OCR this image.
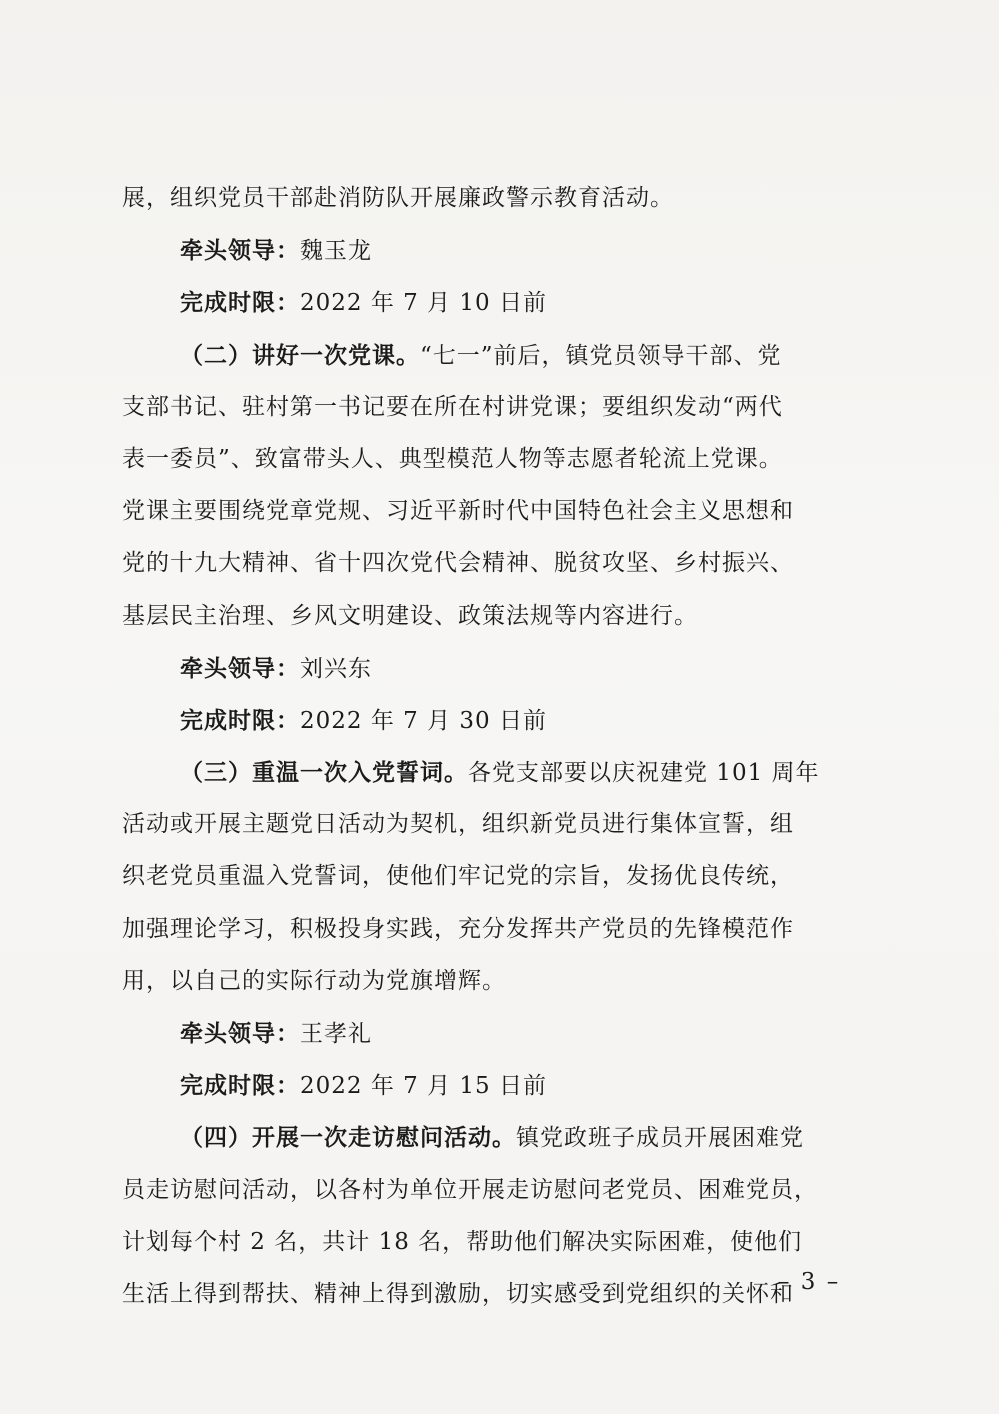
展，组织党员干部赴消防队开展廉政警示教育活动。
牵头领导：魏玉龙
完成时限：2022 年 7 月 10 日前
（二）讲好一次党课。“七一”前后，镇党员领导干部、党
支部书记、驻村第一书记要在所在村讲党课；要组织发动“两代
表一委员”、致富带头人、典型模范人物等志愿者轮流上党课。
党课主要围绕党章党规、习近平新时代中国特色社会主义思想和
党的十九大精神、省十四次党代会精神、脱贫攻坚、乡村振兴、
基层民主治理、乡风文明建设、政策法规等内容进行。
牵头领导：刘兴东
完成时限：2022 年 7 月 30 日前
（三）重温一次入党誓词。各党支部要以庆祝建党 101 周年
活动或开展主题党日活动为契机，组织新党员进行集体宣誓，组
织老党员重温入党誓词，使他们牢记党的宗旨，发扬优良传统，
加强理论学习，积极投身实践，充分发挥共产党员的先锋模范作
用，以自己的实际行动为党旗增辉。
牵头领导：王孝礼
完成时限：2022 年 7 月 15 日前
（四）开展一次走访慰问活动。镇党政班子成员开展困难党
员走访慰问活动，以各村为单位开展走访慰问老党员、困难党员，
计划每个村 2 名，共计 18 名，帮助他们解决实际困难，使他们
生活上得到帮扶、精神上得到激励，切实感受到党组织的关怀和
– 3 –
